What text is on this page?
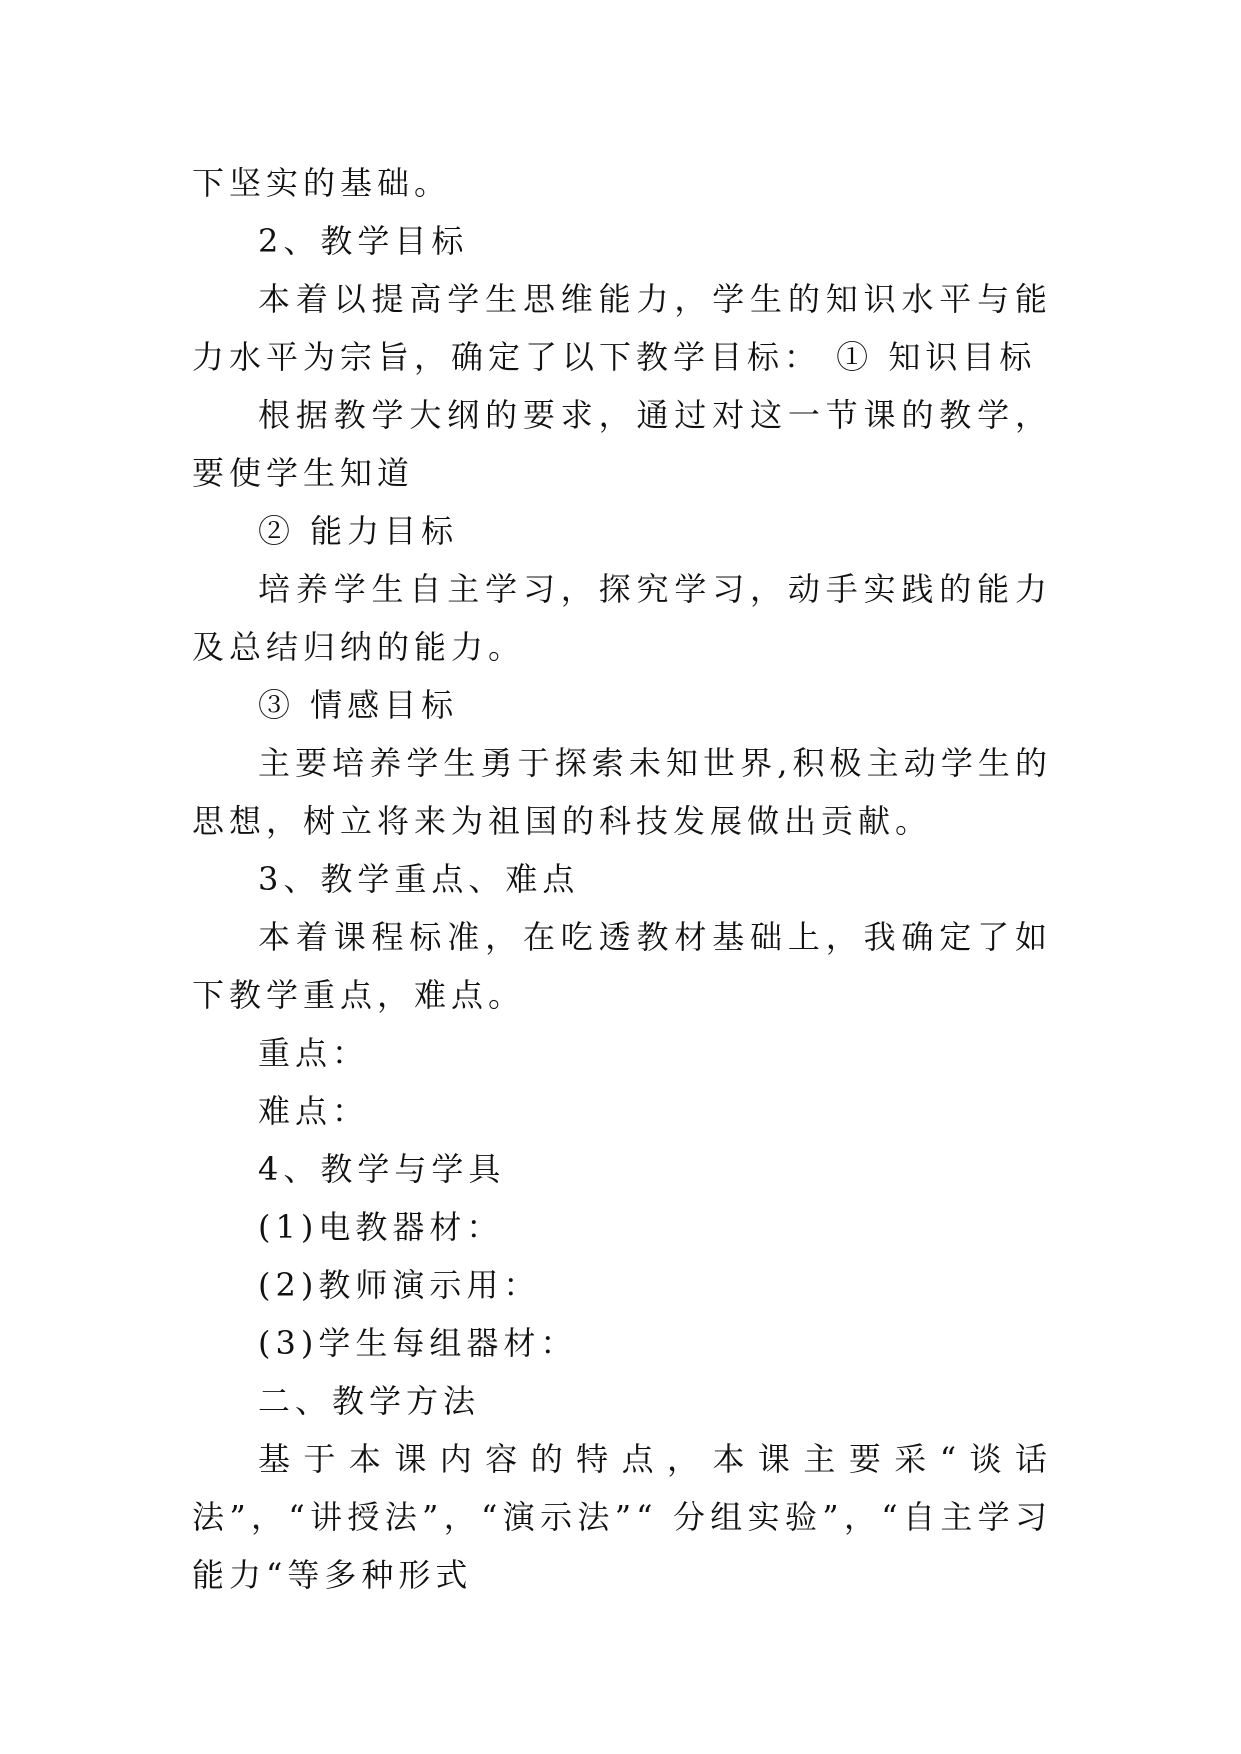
下坚实的基础。

2、教学目标

本着以提高学生思维能力，学生的知识水平与能力水平为宗旨，确定了以下教学目标： ① 知识目标

根据教学大纲的要求，通过对这一节课的教学，要使学生知道

② 能力目标

培养学生自主学习，探究学习，动手实践的能力及总结归纳的能力。

③ 情感目标

主要培养学生勇于探索未知世界,积极主动学生的思想，树立将来为祖国的科技发展做出贡献。

3、教学重点、难点

本着课程标准，在吃透教材基础上，我确定了如下教学重点，难点。

重点：

难点：

4、教学与学具

(1)电教器材：

(2)教师演示用：

(3)学生每组器材：

二、教学方法

基于本课内容的特点，本课主要采“谈话法”，“讲授法”，“演示法”“ 分组实验”，“自主学习能力“等多种形式
